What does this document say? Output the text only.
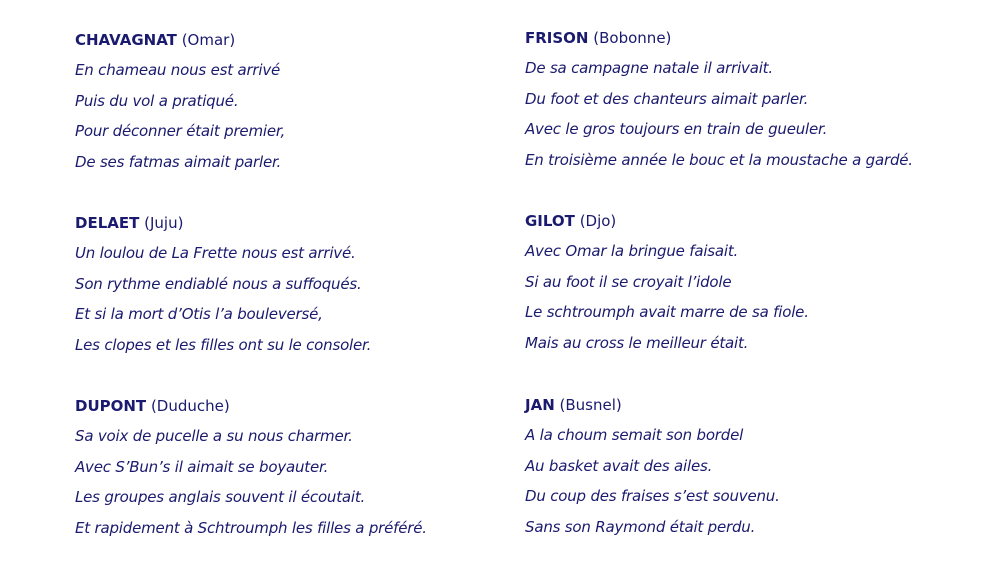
CHAVAGNAT (Omar)
En chameau nous est arrivé
Puis du vol a pratiqué.
Pour déconner était premier,
De ses fatmas aimait parler.
DELAET (Juju)
Un loulou de La Frette nous est arrivé.
Son rythme endiablé nous a suffoqués.
Et si la mort d’Otis l’a bouleversé,
Les clopes et les filles ont su le consoler.
DUPONT (Duduche)
Sa voix de pucelle a su nous charmer.
Avec S’Bun’s il aimait se boyauter.
Les groupes anglais souvent il écoutait.
Et rapidement à Schtroumph les filles a préféré.
FRISON (Bobonne)
De sa campagne natale il arrivait.
Du foot et des chanteurs aimait parler.
Avec le gros toujours en train de gueuler.
En troisième année le bouc et la moustache a gardé.
GILOT (Djo)
Avec Omar la bringue faisait.
Si au foot il se croyait l’idole
Le schtroumph avait marre de sa fiole.
Mais au cross le meilleur était.
JAN (Busnel)
A la choum semait son bordel
Au basket avait des ailes.
Du coup des fraises s’est souvenu.
Sans son Raymond était perdu.
